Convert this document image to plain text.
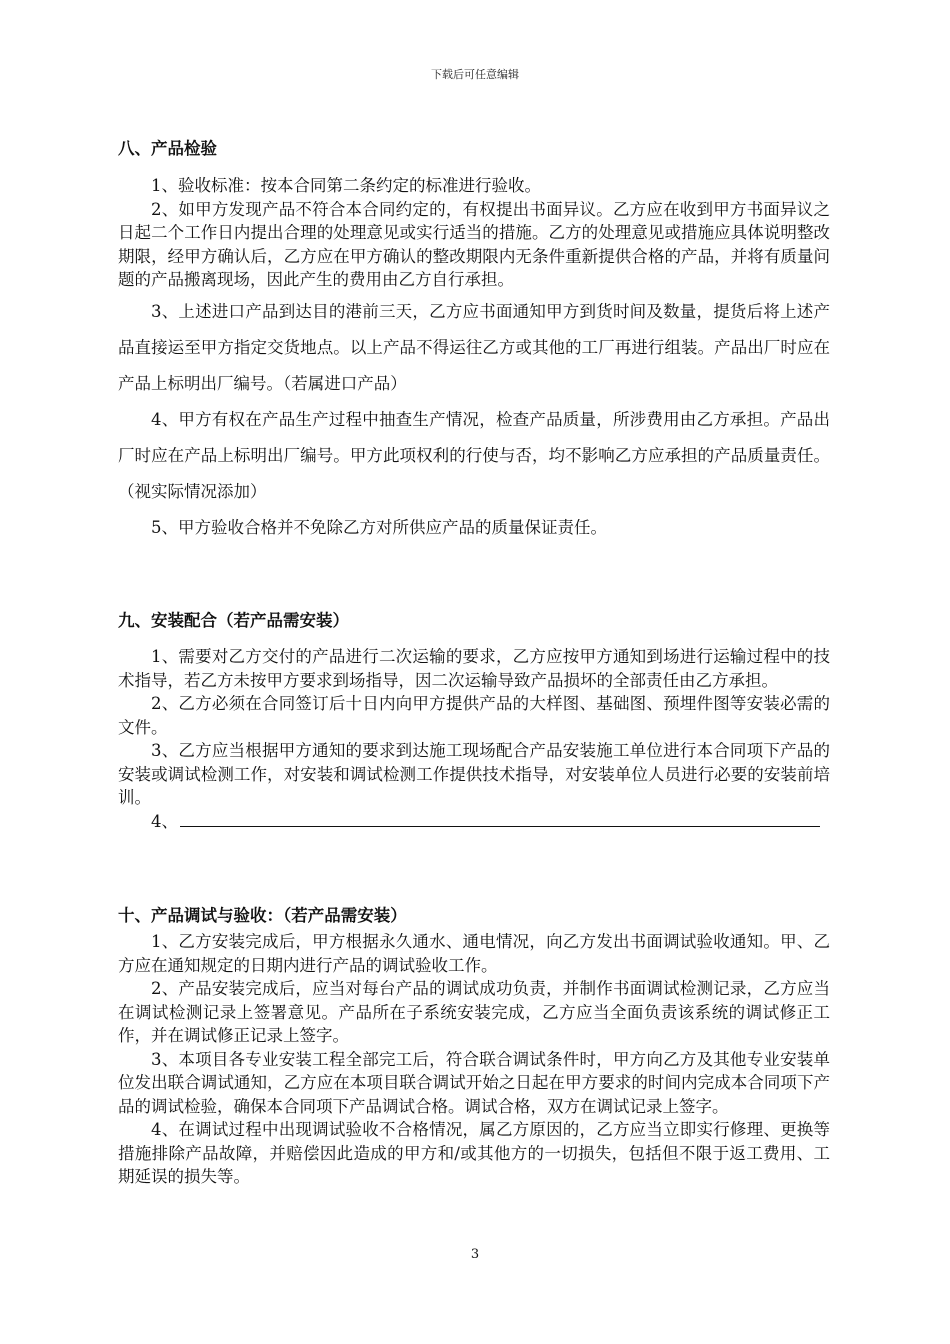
下载后可任意编辑
八、产品检验

1、验收标准：按本合同第二条约定的标准进行验收。

2、如甲方发现产品不符合本合同约定的，有权提出书面异议。乙方应在收到甲方书面异议之日起二个工作日内提出合理的处理意见或实行适当的措施。乙方的处理意见或措施应具体说明整改期限，经甲方确认后，乙方应在甲方确认的整改期限内无条件重新提供合格的产品，并将有质量问题的产品搬离现场，因此产生的费用由乙方自行承担。

3、上述进口产品到达目的港前三天，乙方应书面通知甲方到货时间及数量，提货后将上述产品直接运至甲方指定交货地点。以上产品不得运往乙方或其他的工厂再进行组装。产品出厂时应在产品上标明出厂编号。（若属进口产品）

4、甲方有权在产品生产过程中抽查生产情况，检查产品质量，所涉费用由乙方承担。产品出厂时应在产品上标明出厂编号。甲方此项权利的行使与否，均不影响乙方应承担的产品质量责任。（视实际情况添加）

5、甲方验收合格并不免除乙方对所供应产品的质量保证责任。

九、安装配合（若产品需安装）

1、需要对乙方交付的产品进行二次运输的要求，乙方应按甲方通知到场进行运输过程中的技术指导，若乙方未按甲方要求到场指导，因二次运输导致产品损坏的全部责任由乙方承担。

2、乙方必须在合同签订后十日内向甲方提供产品的大样图、基础图、预埋件图等安装必需的文件。

3、乙方应当根据甲方通知的要求到达施工现场配合产品安装施工单位进行本合同项下产品的安装或调试检测工作，对安装和调试检测工作提供技术指导，对安装单位人员进行必要的安装前培训。

4、

十、产品调试与验收：（若产品需安装）

1、乙方安装完成后，甲方根据永久通水、通电情况，向乙方发出书面调试验收通知。甲、乙方应在通知规定的日期内进行产品的调试验收工作。

2、产品安装完成后，应当对每台产品的调试成功负责，并制作书面调试检测记录，乙方应当在调试检测记录上签署意见。产品所在子系统安装完成，乙方应当全面负责该系统的调试修正工作，并在调试修正记录上签字。

3、本项目各专业安装工程全部完工后，符合联合调试条件时，甲方向乙方及其他专业安装单位发出联合调试通知，乙方应在本项目联合调试开始之日起在甲方要求的时间内完成本合同项下产品的调试检验，确保本合同项下产品调试合格。调试合格，双方在调试记录上签字。

4、在调试过程中出现调试验收不合格情况，属乙方原因的，乙方应当立即实行修理、更换等措施排除产品故障，并赔偿因此造成的甲方和/或其他方的一切损失，包括但不限于返工费用、工期延误的损失等。

3
